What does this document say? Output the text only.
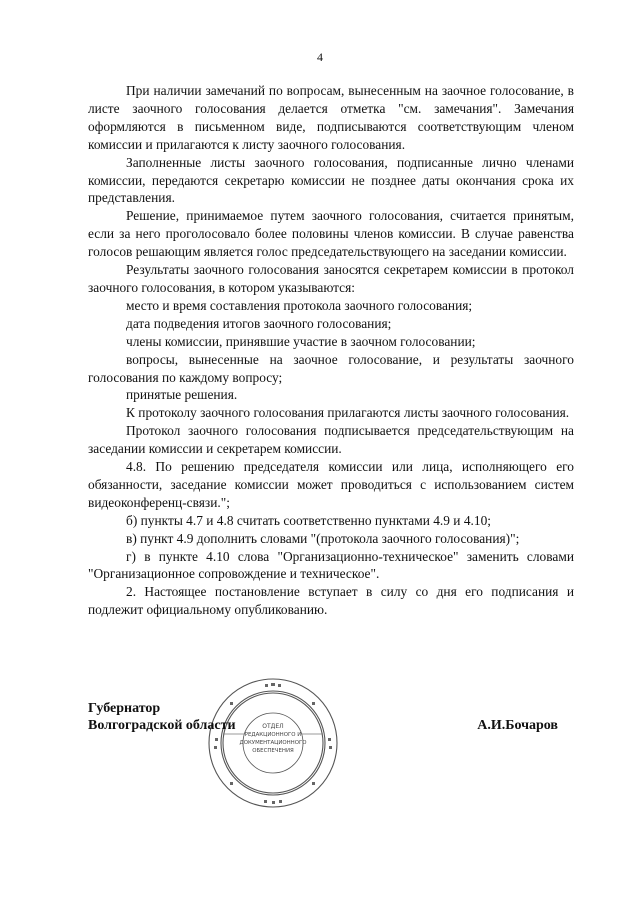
4

При наличии замечаний по вопросам, вынесенным на заочное голосование, в листе заочного голосования делается отметка "см. замечания". Замечания оформляются в письменном виде, подписываются соответствующим членом комиссии и прилагаются к листу заочного голосования.

Заполненные листы заочного голосования, подписанные лично членами комиссии, передаются секретарю комиссии не позднее даты окончания срока их представления.

Решение, принимаемое путем заочного голосования, считается принятым, если за него проголосовало более половины членов комиссии. В случае равенства голосов решающим является голос председательствующего на заседании комиссии.

Результаты заочного голосования заносятся секретарем комиссии в протокол заочного голосования, в котором указываются:

место и время составления протокола заочного голосования;

дата подведения итогов заочного голосования;

члены комиссии, принявшие участие в заочном голосовании;

вопросы, вынесенные на заочное голосование, и результаты заочного голосования по каждому вопросу;

принятые решения.

К протоколу заочного голосования прилагаются листы заочного голосования.

Протокол заочного голосования подписывается председательствующим на заседании комиссии и секретарем комиссии.

4.8. По решению председателя комиссии или лица, исполняющего его обязанности, заседание комиссии может проводиться с использованием систем видеоконференц-связи.";

б) пункты 4.7 и 4.8 считать соответственно пунктами 4.9 и 4.10;

в) пункт 4.9 дополнить словами "(протокола заочного голосования)";

г) в пункте 4.10 слова "Организационно-техническое" заменить словами "Организационное сопровождение и техническое".

2. Настоящее постановление вступает в силу со дня его подписания и подлежит официальному опубликованию.

ОТДЕЛ
РЕДАКЦИОННОГО И
ДОКУМЕНТАЦИОННОГО
ОБЕСПЕЧЕНИЯ
Губернатор
Волгоградской области	А.И.Бочаров
